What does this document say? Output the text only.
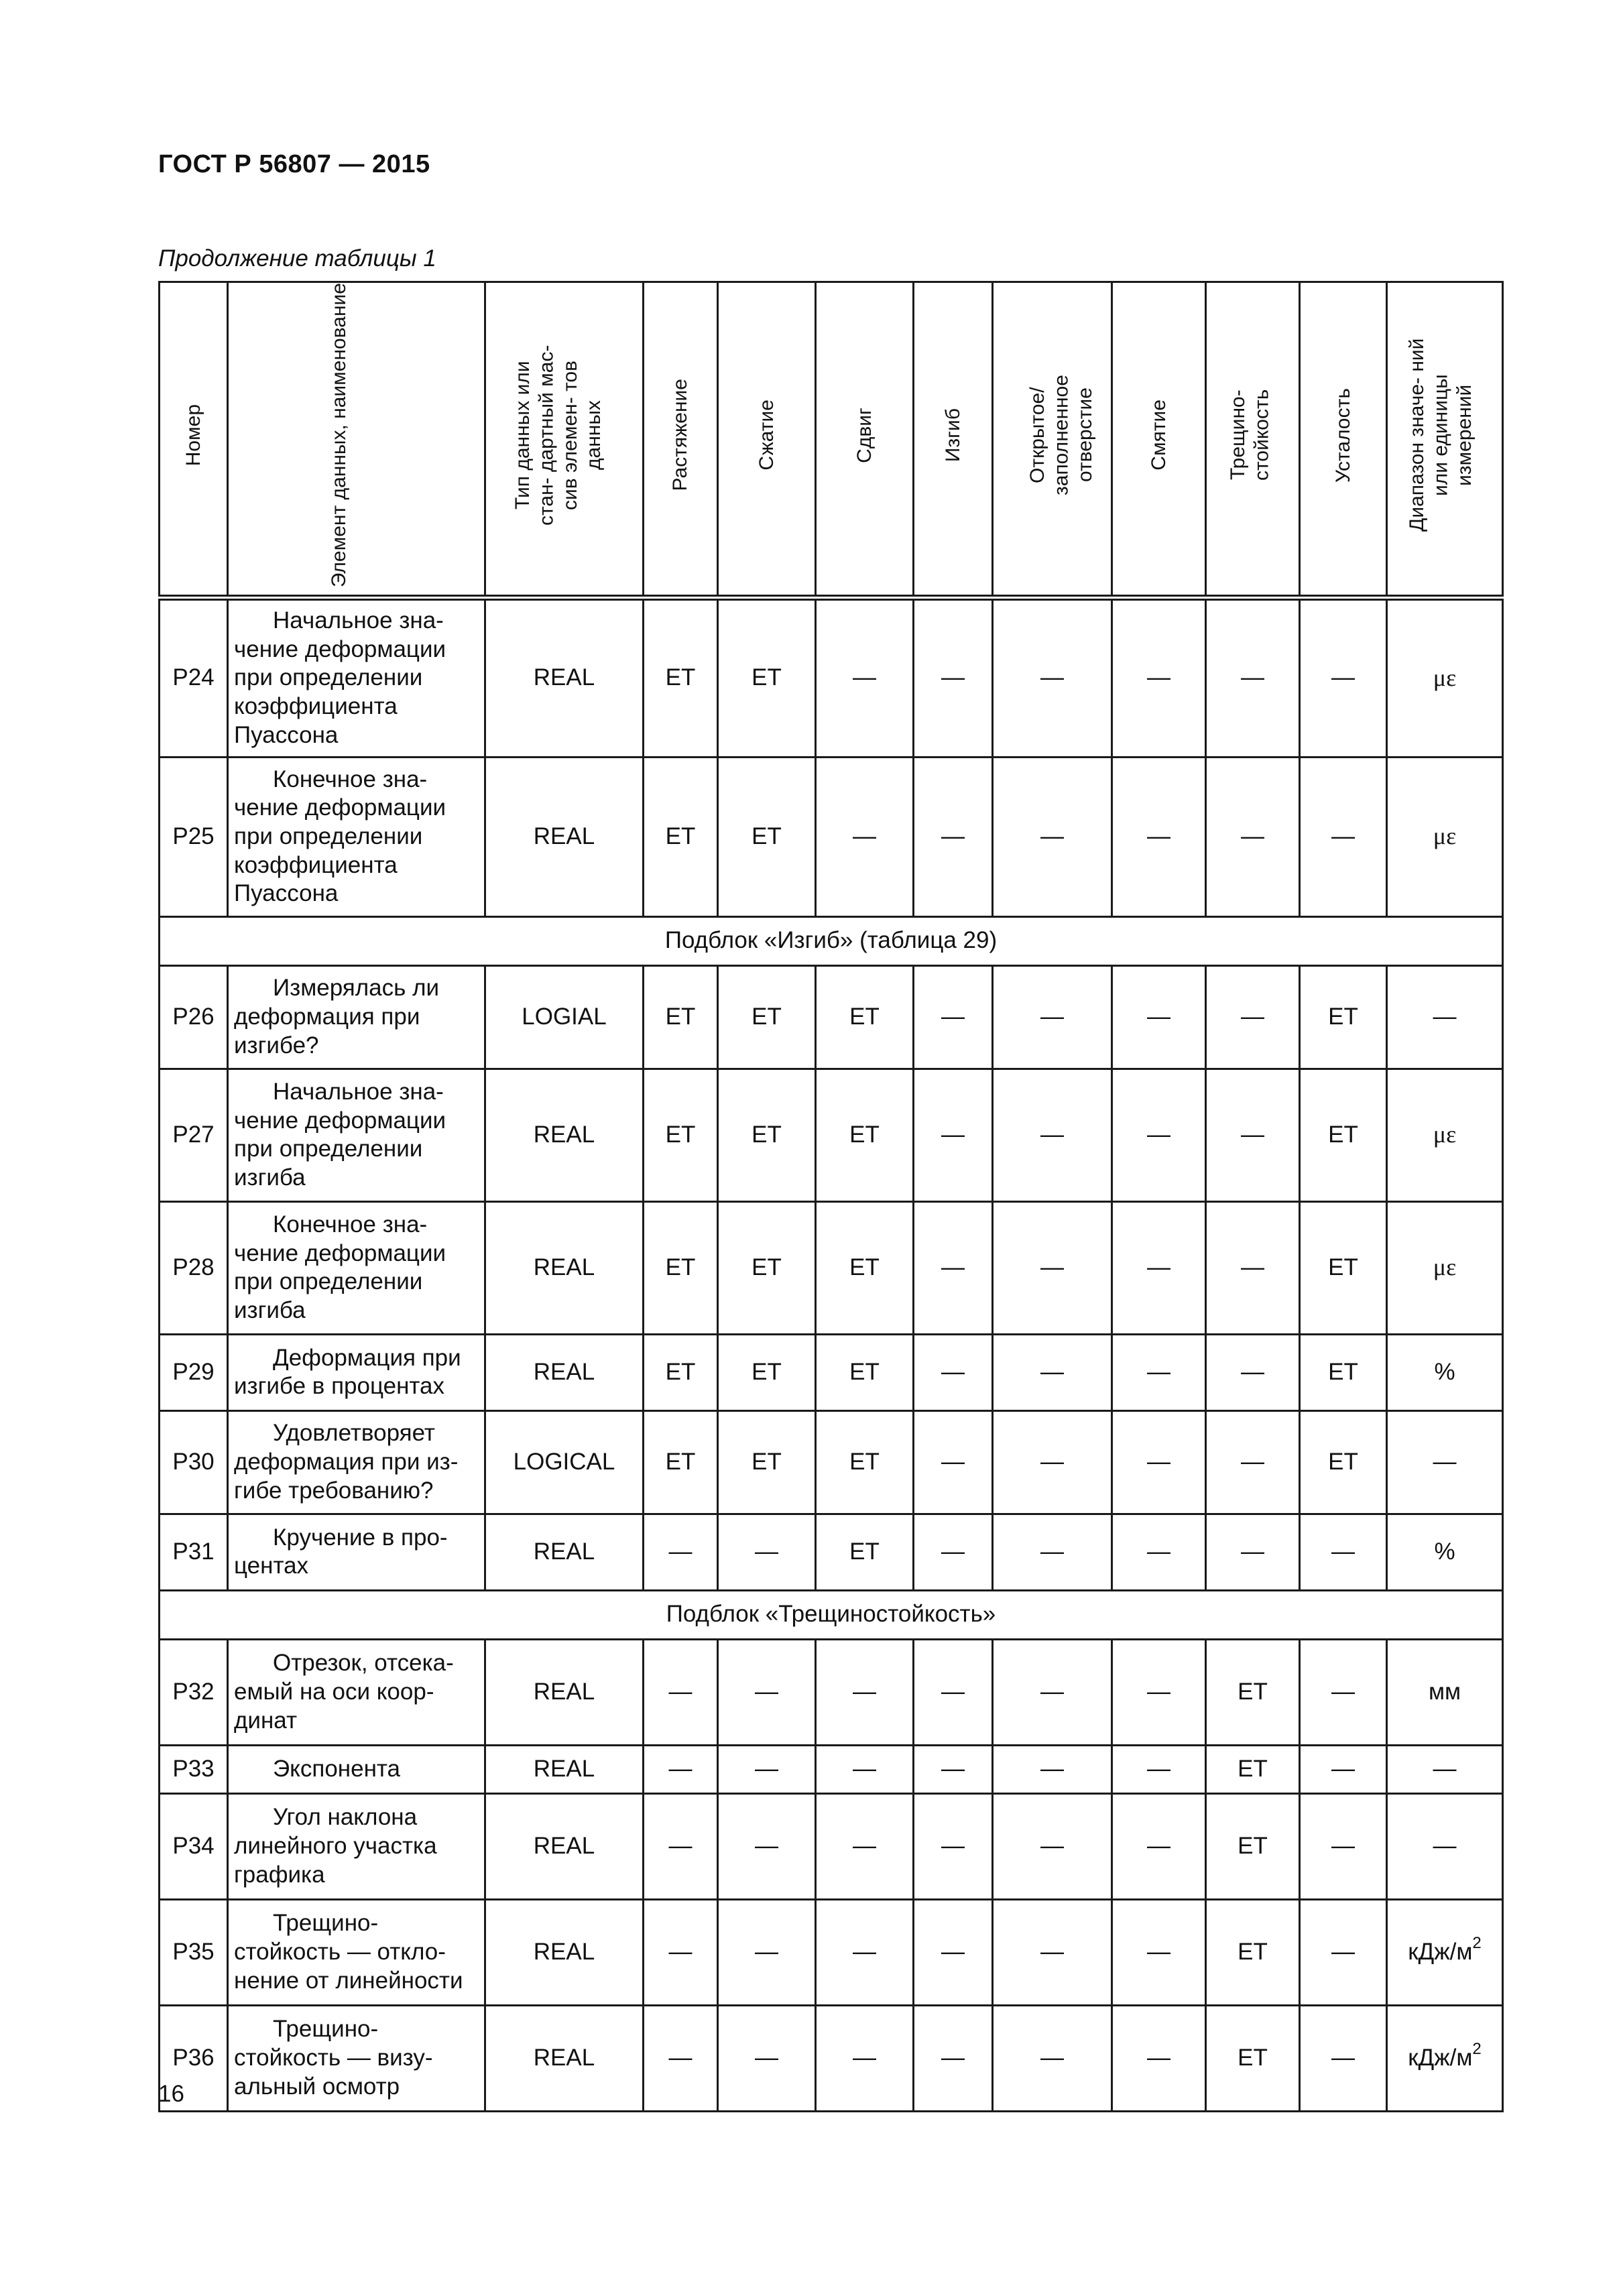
ГОСТ Р 56807 — 2015
Продолжение таблицы 1
Номер	Элемент данных, наименование	Тип данных или стан- дартный мас- сив элемен- тов данных	Растяжение	Сжатие	Сдвиг	Изгиб	Открытое/ заполненное отверстие	Смятие	Трещино- стойкость	Усталость	Диапазон значе- ний или единицы измерений
P24	Начальное зна-
чение деформации
при определении
коэффициента
Пуассона	REAL	ET	ET	—	—	—	—	—	—	με
P25	Конечное зна-
чение деформации
при определении
коэффициента
Пуассона	REAL	ET	ET	—	—	—	—	—	—	με
Подблок «Изгиб» (таблица 29)											
P26	Измерялась ли
деформация при
изгибе?	LOGIAL	ET	ET	ET	—	—	—	—	ET	—
P27	Начальное зна-
чение деформации
при определении
изгиба	REAL	ET	ET	ET	—	—	—	—	ET	με
P28	Конечное зна-
чение деформации
при определении
изгиба	REAL	ET	ET	ET	—	—	—	—	ET	με
P29	Деформация при
изгибе в процентах	REAL	ET	ET	ET	—	—	—	—	ET	%
P30	Удовлетворяет
деформация при из-
гибе требованию?	LOGICAL	ET	ET	ET	—	—	—	—	ET	—
P31	Кручение в про-
центах	REAL	—	—	ET	—	—	—	—	—	%
Подблок «Трещиностойкость»											
P32	Отрезок, отсека-
емый на оси коор-
динат	REAL	—	—	—	—	—	—	ET	—	мм
P33	Экспонента	REAL	—	—	—	—	—	—	ET	—	—
P34	Угол наклона
линейного участка
графика	REAL	—	—	—	—	—	—	ET	—	—
P35	Трещино-
стойкость — откло-
нение от линейности	REAL	—	—	—	—	—	—	ET	—	кДж/$м^2$
P36	Трещино-
стойкость — визу-
альный осмотр	REAL	—	—	—	—	—	—	ET	—	кДж/$м^2$
16
